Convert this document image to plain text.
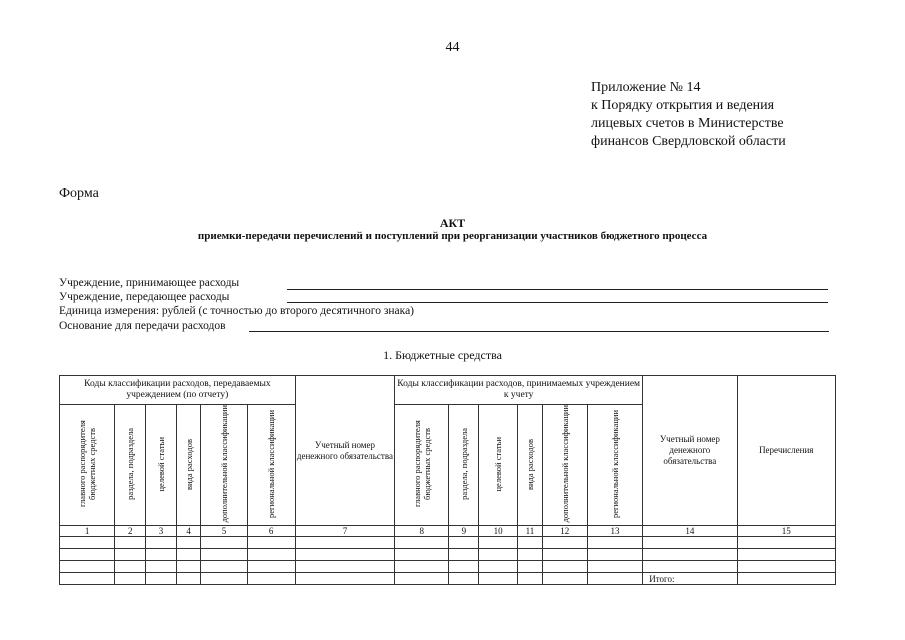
44
Приложение № 14
к Порядку открытия и ведения
лицевых счетов в Министерстве
финансов Свердловской области
Форма
АКТ
приемки-передачи перечислений и поступлений при реорганизации участников бюджетного процесса
Учреждение, принимающее расходы
Учреждение, передающее расходы
Единица измерения: рублей (с точностью до второго десятичного знака)
Основание для передачи расходов
1. Бюджетные средства
Коды классификации расходов, передаваемых учреждением (по отчету)						Учетный номер денежного обязательства	Коды классификации расходов, принимаемых учреждением к учету						Учетный номер денежного обязательства	Перечисления
главного распорядителя бюджетных средств	раздела, подраздела	целевой статьи	вида расходов	дополнительной классификации	региональной классификации		главного распорядителя бюджетных средств	раздела, подраздела	целевой статьи	вида расходов	дополнительной классификации	региональной классификации		
1	2	3	4	5	6	7	8	9	10	11	12	13	14	15

													Итого:	
